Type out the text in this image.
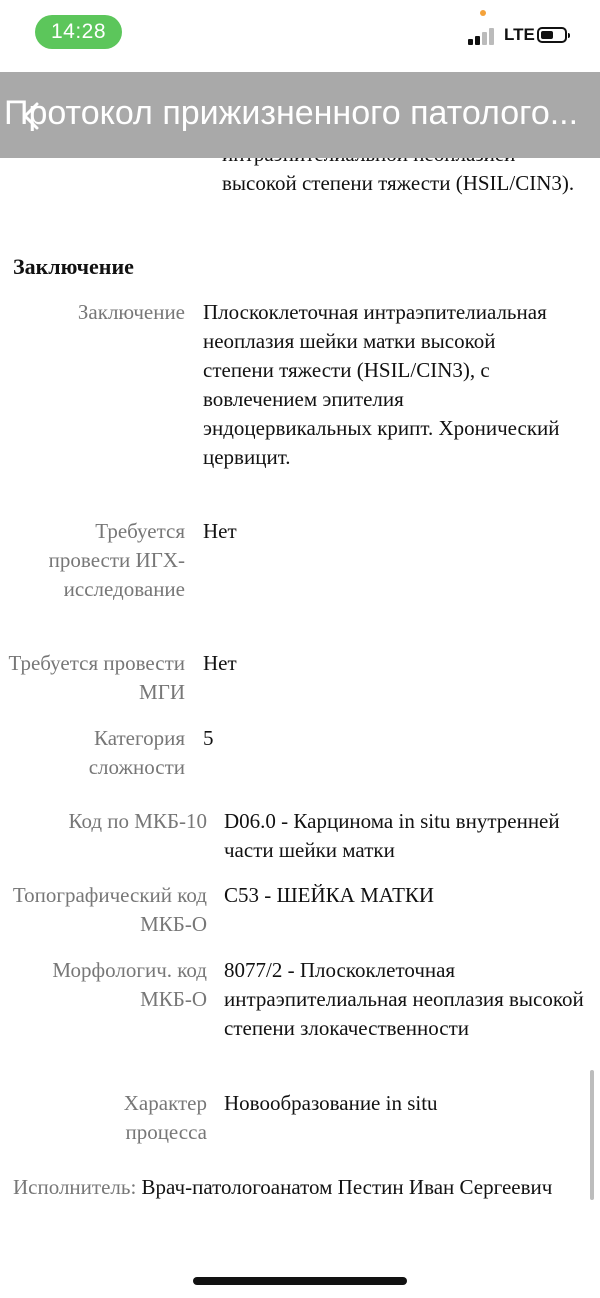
высокой степени тяжести (HSIL/CIN3).
Заключение
Заключение Плоскоклеточная интраэпителиальная неоплазия шейки матки высокой степени тяжести (HSIL/CIN3), с вовлечением эпителия эндоцервикальных крипт. Хронический цервицит.
Требуется провести ИГХ-исследование
Нет
Требуется провести МГИ
Нет
Категория сложности
5
Код по МКБ-10 D06.0 - Карцинома in situ внутренней части шейки матки
Топографический код МКБ-О
C53 - ШЕЙКА МАТКИ
Морфологич. код МКБ-О
8077/2 - Плоскоклеточная интраэпителиальная неоплазия высокой степени злокачественности
Характер процесса
Новообразование in situ
Исполнитель: Врач-патологоанатом Пестин Иван Сергеевич
14:28	LTE
Протокол прижизненного патолого...
